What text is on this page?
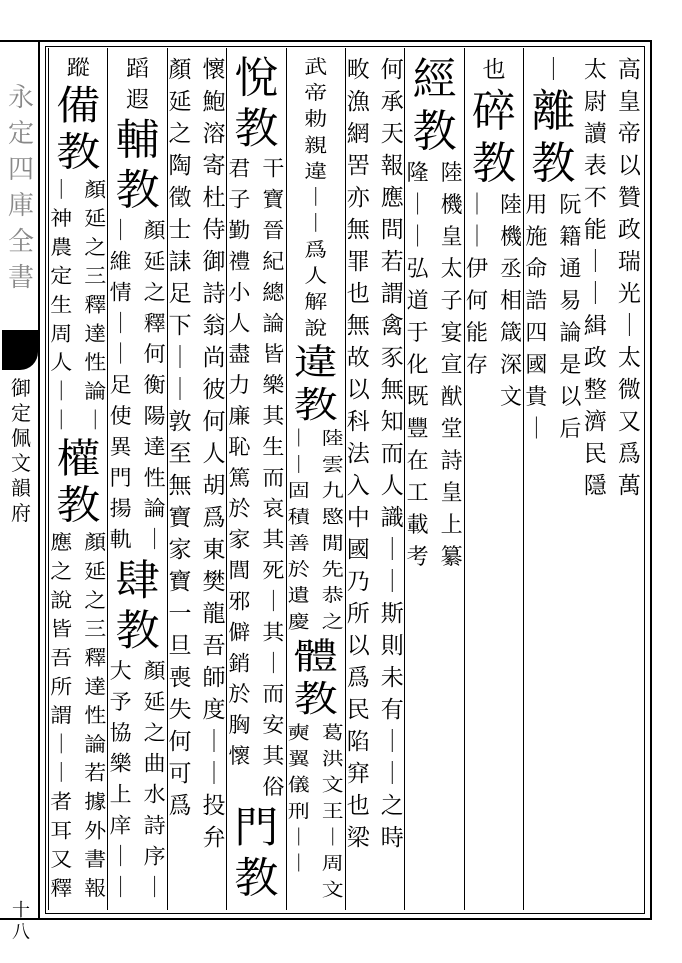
永
定
四
庫
全
書
御
定
佩
文
韻
府
十
八
高
皇
帝
以
贊
政
瑞
光
｜
太
微
又
爲
萬
太
尉
讀
表
不
能
｜
｜
緝
政
整
濟
民
隱
｜
離
教
阮
籍
通
易
論
是
以
后
用
施
命
誥
四
國
貴
｜
也
碎
教
陸
機
丞
相
箴
深
文
｜
｜
伊
何
能
存
經
教
陸
機
皇
太
子
宴
宣
猷
堂
詩
皇
上
纂
隆
｜
｜
弘
道
于
化
既
豐
在
工
載
考
何
承
天
報
應
問
若
謂
禽
豕
無
知
而
人
識
｜
｜
斯
則
未
有
｜
｜
之
時
畋
漁
網
罟
亦
無
罪
也
無
故
以
科
法
入
中
國
乃
所
以
爲
民
陷
穽
也
梁
武
帝
勅
親
違
｜
｜
爲
人
解
說
違
教
陸
雲
九
愍
閒
先
恭
之
｜
｜
固
積
善
於
遺
慶
體
教
葛
洪
文
王
｜
周
文
奭
翼
儀
刑
｜
｜
悅
教
干
寶
晉
紀
總
論
皆
樂
其
生
而
哀
其
死
｜
其
｜
而
安
其
俗
君
子
勤
禮
小
人
盡
力
廉
恥
篤
於
家
閭
邪
僻
銷
於
胸
懷
門
教
懷
鮑
溶
寄
杜
侍
御
詩
翁
尚
彼
何
人
胡
爲
東
樊
龍
吾
師
度
｜
｜
投
弁
顏
延
之
陶
徵
士
誄
足
下
｜
｜
敦
至
無
寶
家
寶
一
旦
喪
失
何
可
爲
蹈
遐
輔
教
顏
延
之
釋
何
衡
陽
達
性
論
｜
｜
維
情
｜
｜
足
使
異
門
揚
軌
肆
教
顏
延
之
曲
水
詩
序
｜
大
予
協
樂
上
庠
｜
｜
蹤
備
教
顏
延
之
三
釋
達
性
論
｜
｜
神
農
定
生
周
人
｜
｜
權
教
顏
延
之
三
釋
達
性
論
若
據
外
書
報
應
之
說
皆
吾
所
謂
｜
｜
者
耳
又
釋
